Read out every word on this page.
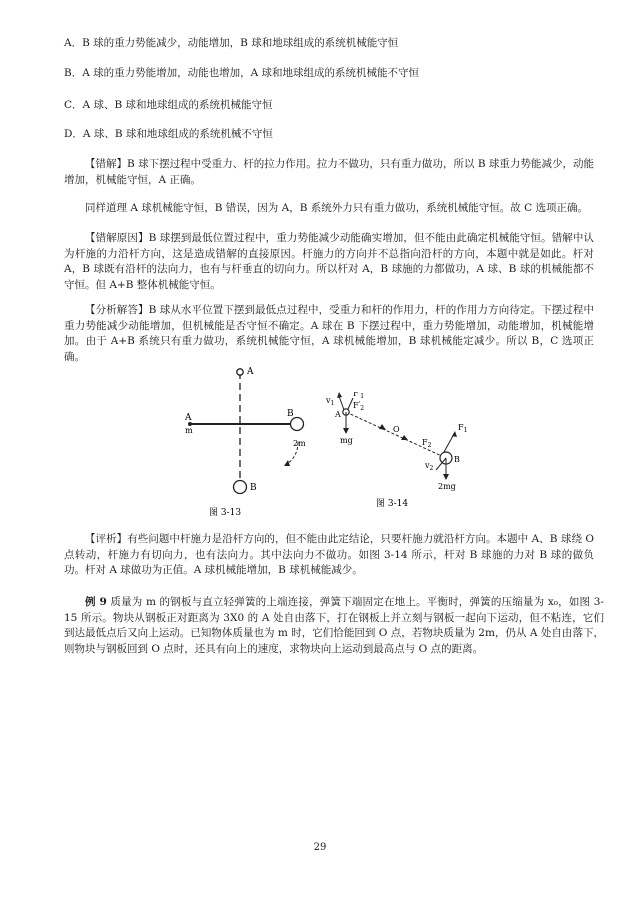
A．B 球的重力势能减少，动能增加，B 球和地球组成的系统机械能守恒
B．A 球的重力势能增加，动能也增加，A 球和地球组成的系统机械能不守恒
C．A 球、B 球和地球组成的系统机械能守恒
D．A 球、B 球和地球组成的系统机械不守恒
【错解】B 球下摆过程中受重力、杆的拉力作用。拉力不做功，只有重力做功，所以 B 球重力势能减少，动能增加，机械能守恒，A 正确。
同样道理 A 球机械能守恒，B 错误，因为 A，B 系统外力只有重力做功，系统机械能守恒。故 C 选项正确。
【错解原因】B 球摆到最低位置过程中，重力势能减少动能确实增加，但不能由此确定机械能守恒。错解中认为杆施的力沿杆方向，这是造成错解的直接原因。杆施力的方向并不总指向沿杆的方向，本题中就是如此。杆对 A，B 球既有沿杆的法向力，也有与杆垂直的切向力。所以杆对 A，B 球施的力都做功，A 球、B 球的机械能都不守恒。但 A+B 整体机械能守恒。
【分析解答】B 球从水平位置下摆到最低点过程中，受重力和杆的作用力，杆的作用力方向待定。下摆过程中重力势能减少动能增加，但机械能是否守恒不确定。A 球在 B 下摆过程中，重力势能增加，动能增加，机械能增加。由于 A+B 系统只有重力做功，系统机械能守恒，A 球机械能增加，B 球机械能定减少。所以 B，C 选项正确。
A
A
m
B
2m
B
图 3-13
$v_1$
$F'_1$
$F'_2$
A
mg
O
$F_2$
$F_1$
$v_2$
B
2mg
图 3-14
【评析】有些问题中杆施力是沿杆方向的，但不能由此定结论，只要杆施力就沿杆方向。本题中 A、B 球绕 O 点转动，杆施力有切向力，也有法向力。其中法向力不做功。如图 3-14 所示，杆对 B 球施的力对 B 球的做负功。杆对 A 球做功为正值。A 球机械能增加，B 球机械能减少。
例 9 质量为 m 的钢板与直立轻弹簧的上端连接，弹簧下端固定在地上。平衡时，弹簧的压缩量为 x₀，如图 3-15 所示。物块从钢板正对距离为 3X0 的 A 处自由落下，打在钢板上并立刻与钢板一起向下运动，但不粘连，它们到达最低点后又向上运动。已知物体质量也为 m 时，它们恰能回到 O 点，若物块质量为 2m，仍从 A 处自由落下，则物块与钢板回到 O 点时，还具有向上的速度，求物块向上运动到最高点与 O 点的距离。
29
